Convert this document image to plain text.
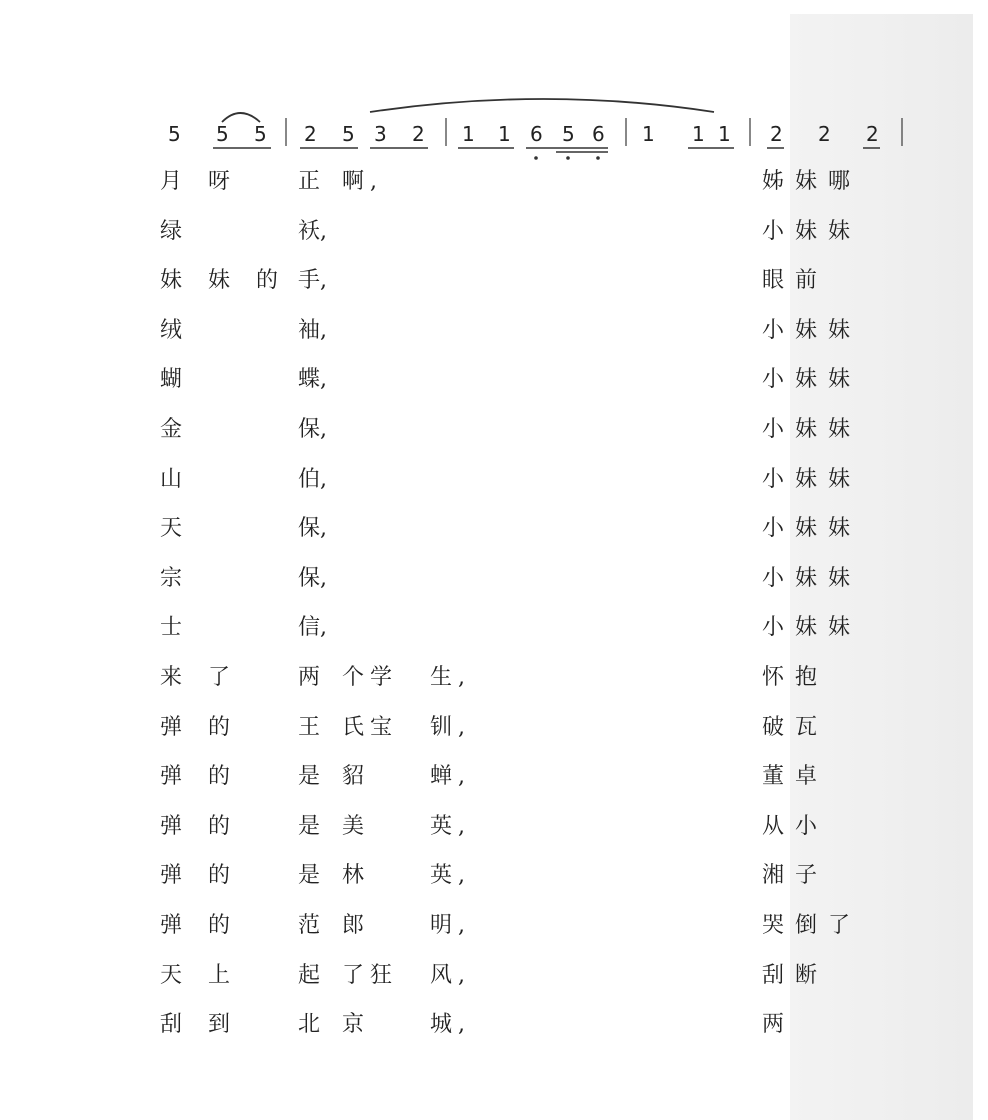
5 5 5 2 5 3 2 1 1 6 5 6 1 1 1 2 2 2
月 呀	正 啊,	姊 妹 哪
绿	袄,	小 妹 妹
妹 妹 的 手,	眼 前
绒	袖,	小 妹 妹
蝴	蝶,	小 妹 妹
金	保,	小 妹 妹
山	伯,	小 妹 妹
天	保,	小 妹 妹
宗	保,	小 妹 妹
士	信,	小 妹 妹
来 了	两 个学 生,	怀 抱
弹 的	王 氏宝 钏,	破 瓦
弹 的	是 貂	蝉,	董 卓
弹 的	是 美	英,	从 小
弹 的	是 林	英,	湘 子
弹 的	范 郎	明,	哭 倒 了
天 上	起 了狂 风,	刮 断
刮 到	北 京	城,	两
